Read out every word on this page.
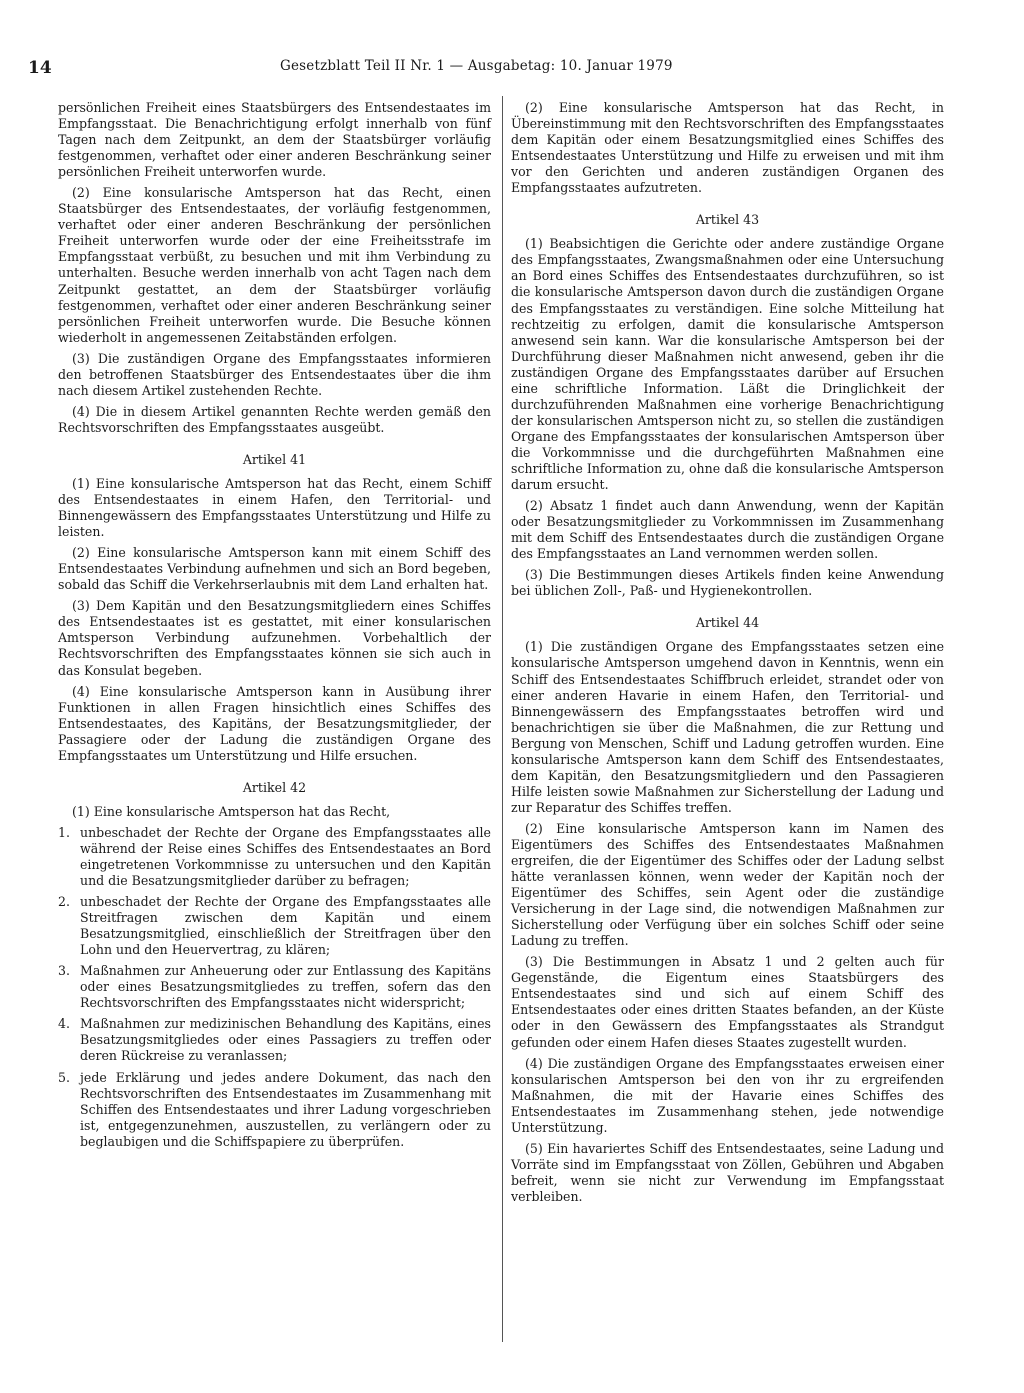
14	Gesetzblatt Teil II Nr. 1 — Ausgabetag: 10. Januar 1979

persönlichen Freiheit eines Staatsbürgers des Entsendestaates im Empfangsstaat. Die Benachrichtigung erfolgt innerhalb von fünf Tagen nach dem Zeitpunkt, an dem der Staatsbürger vorläufig festgenommen, verhaftet oder einer anderen Beschränkung seiner persönlichen Freiheit unterworfen wurde.

(2) Eine konsularische Amtsperson hat das Recht, einen Staatsbürger des Entsendestaates, der vorläufig festgenommen, verhaftet oder einer anderen Beschränkung der persönlichen Freiheit unterworfen wurde oder der eine Freiheitsstrafe im Empfangsstaat verbüßt, zu besuchen und mit ihm Verbindung zu unterhalten. Besuche werden innerhalb von acht Tagen nach dem Zeitpunkt gestattet, an dem der Staatsbürger vorläufig festgenommen, verhaftet oder einer anderen Beschränkung seiner persönlichen Freiheit unterworfen wurde. Die Besuche können wiederholt in angemessenen Zeitabständen erfolgen.

(3) Die zuständigen Organe des Empfangsstaates informieren den betroffenen Staatsbürger des Entsendestaates über die ihm nach diesem Artikel zustehenden Rechte.

(4) Die in diesem Artikel genannten Rechte werden gemäß den Rechtsvorschriften des Empfangsstaates ausgeübt.

Artikel 41

(1) Eine konsularische Amtsperson hat das Recht, einem Schiff des Entsendestaates in einem Hafen, den Territorial- und Binnengewässern des Empfangsstaates Unterstützung und Hilfe zu leisten.

(2) Eine konsularische Amtsperson kann mit einem Schiff des Entsendestaates Verbindung aufnehmen und sich an Bord begeben, sobald das Schiff die Verkehrserlaubnis mit dem Land erhalten hat.

(3) Dem Kapitän und den Besatzungsmitgliedern eines Schiffes des Entsendestaates ist es gestattet, mit einer konsularischen Amtsperson Verbindung aufzunehmen. Vorbehaltlich der Rechtsvorschriften des Empfangsstaates können sie sich auch in das Konsulat begeben.

(4) Eine konsularische Amtsperson kann in Ausübung ihrer Funktionen in allen Fragen hinsichtlich eines Schiffes des Entsendestaates, des Kapitäns, der Besatzungsmitglieder, der Passagiere oder der Ladung die zuständigen Organe des Empfangsstaates um Unterstützung und Hilfe ersuchen.

Artikel 42

(1) Eine konsularische Amtsperson hat das Recht,

1. unbeschadet der Rechte der Organe des Empfangsstaates alle während der Reise eines Schiffes des Entsendestaates an Bord eingetretenen Vorkommnisse zu untersuchen und den Kapitän und die Besatzungsmitglieder darüber zu befragen;
2. unbeschadet der Rechte der Organe des Empfangsstaates alle Streitfragen zwischen dem Kapitän und einem Besatzungsmitglied, einschließlich der Streitfragen über den Lohn und den Heuervertrag, zu klären;
3. Maßnahmen zur Anheuerung oder zur Entlassung des Kapitäns oder eines Besatzungsmitgliedes zu treffen, sofern das den Rechtsvorschriften des Empfangsstaates nicht widerspricht;
4. Maßnahmen zur medizinischen Behandlung des Kapitäns, eines Besatzungsmitgliedes oder eines Passagiers zu treffen oder deren Rückreise zu veranlassen;
5. jede Erklärung und jedes andere Dokument, das nach den Rechtsvorschriften des Entsendestaates im Zusammenhang mit Schiffen des Entsendestaates und ihrer Ladung vorgeschrieben ist, entgegenzunehmen, auszustellen, zu verlängern oder zu beglaubigen und die Schiffspapiere zu überprüfen.

(2) Eine konsularische Amtsperson hat das Recht, in Übereinstimmung mit den Rechtsvorschriften des Empfangsstaates dem Kapitän oder einem Besatzungsmitglied eines Schiffes des Entsendestaates Unterstützung und Hilfe zu erweisen und mit ihm vor den Gerichten und anderen zuständigen Organen des Empfangsstaates aufzutreten.

Artikel 43

(1) Beabsichtigen die Gerichte oder andere zuständige Organe des Empfangsstaates, Zwangsmaßnahmen oder eine Untersuchung an Bord eines Schiffes des Entsendestaates durchzuführen, so ist die konsularische Amtsperson davon durch die zuständigen Organe des Empfangsstaates zu verständigen. Eine solche Mitteilung hat rechtzeitig zu erfolgen, damit die konsularische Amtsperson anwesend sein kann. War die konsularische Amtsperson bei der Durchführung dieser Maßnahmen nicht anwesend, geben ihr die zuständigen Organe des Empfangsstaates darüber auf Ersuchen eine schriftliche Information. Läßt die Dringlichkeit der durchzuführenden Maßnahmen eine vorherige Benachrichtigung der konsularischen Amtsperson nicht zu, so stellen die zuständigen Organe des Empfangsstaates der konsularischen Amtsperson über die Vorkommnisse und die durchgeführten Maßnahmen eine schriftliche Information zu, ohne daß die konsularische Amtsperson darum ersucht.

(2) Absatz 1 findet auch dann Anwendung, wenn der Kapitän oder Besatzungsmitglieder zu Vorkommnissen im Zusammenhang mit dem Schiff des Entsendestaates durch die zuständigen Organe des Empfangsstaates an Land vernommen werden sollen.

(3) Die Bestimmungen dieses Artikels finden keine Anwendung bei üblichen Zoll-, Paß- und Hygienekontrollen.

Artikel 44

(1) Die zuständigen Organe des Empfangsstaates setzen eine konsularische Amtsperson umgehend davon in Kenntnis, wenn ein Schiff des Entsendestaates Schiffbruch erleidet, strandet oder von einer anderen Havarie in einem Hafen, den Territorial- und Binnengewässern des Empfangsstaates betroffen wird und benachrichtigen sie über die Maßnahmen, die zur Rettung und Bergung von Menschen, Schiff und Ladung getroffen wurden. Eine konsularische Amtsperson kann dem Schiff des Entsendestaates, dem Kapitän, den Besatzungsmitgliedern und den Passagieren Hilfe leisten sowie Maßnahmen zur Sicherstellung der Ladung und zur Reparatur des Schiffes treffen.

(2) Eine konsularische Amtsperson kann im Namen des Eigentümers des Schiffes des Entsendestaates Maßnahmen ergreifen, die der Eigentümer des Schiffes oder der Ladung selbst hätte veranlassen können, wenn weder der Kapitän noch der Eigentümer des Schiffes, sein Agent oder die zuständige Versicherung in der Lage sind, die notwendigen Maßnahmen zur Sicherstellung oder Verfügung über ein solches Schiff oder seine Ladung zu treffen.

(3) Die Bestimmungen in Absatz 1 und 2 gelten auch für Gegenstände, die Eigentum eines Staatsbürgers des Entsendestaates sind und sich auf einem Schiff des Entsendestaates oder eines dritten Staates befanden, an der Küste oder in den Gewässern des Empfangsstaates als Strandgut gefunden oder einem Hafen dieses Staates zugestellt wurden.

(4) Die zuständigen Organe des Empfangsstaates erweisen einer konsularischen Amtsperson bei den von ihr zu ergreifenden Maßnahmen, die mit der Havarie eines Schiffes des Entsendestaates im Zusammenhang stehen, jede notwendige Unterstützung.

(5) Ein havariertes Schiff des Entsendestaates, seine Ladung und Vorräte sind im Empfangsstaat von Zöllen, Gebühren und Abgaben befreit, wenn sie nicht zur Verwendung im Empfangsstaat verbleiben.
